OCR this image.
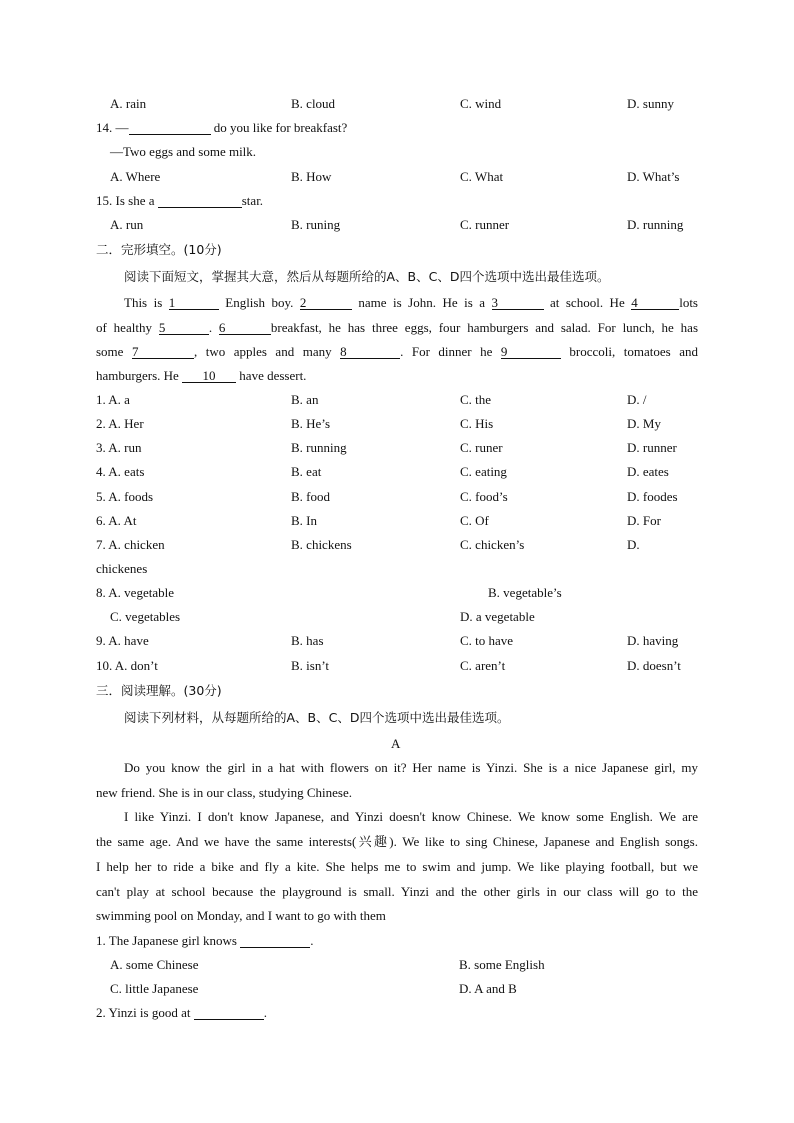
A. rain	B. cloud	C. wind	D. sunny
14. —	do you like for breakfast?
—Two eggs and some milk.
A. Where	B. How	C. What	D. What’s
15. Is she a	star.
A. run	B. runing	C. runner	D. running
二．完形填空。(10分)
阅读下面短文，掌握其大意，然后从每题所给的A、B、C、D四个选项中选出最佳选项。
This is 1	English boy. 2	name is John. He is a 3	at school. He 4	lots
of healthy 5	. 6	breakfast, he has three eggs, four hamburgers and salad. For lunch, he has
some 7	, two apples and many 8	. For dinner he 9	broccoli, tomatoes and
hamburgers. He 10 have dessert.
1. A. a	B. an	C. the	D. /
2. A. Her	B. He’s	C. His	D. My
3. A. run	B. running	C. runer	D. runner
4. A. eats	B. eat	C. eating	D. eates
5. A. foods	B. food	C. food’s	D. foodes
6. A. At	B. In	C. Of	D. For
7. A. chicken	B. chickens	C. chicken’s	D.
chickenes
8. A. vegetable	B. vegetable’s
C. vegetables	D. a vegetable
9. A. have	B. has	C. to have	D. having
10. A. don’t	B. isn’t	C. aren’t	D. doesn’t
三．阅读理解。(30分)
阅读下列材料，从每题所给的A、B、C、D四个选项中选出最佳选项。
A
Do you know the girl in a hat with flowers on it? Her name is Yinzi. She is a nice Japanese girl, my
new friend. She is in our class, studying Chinese.
I like Yinzi. I don't know Japanese, and Yinzi doesn't know Chinese. We know some English. We are
the same age. And we have the same interests(兴趣). We like to sing Chinese, Japanese and English songs.
I help her to ride a bike and fly a kite. She helps me to swim and jump. We like playing football, but we
can't play at school because the playground is small. Yinzi and the other girls in our class will go to the
swimming pool on Monday, and I want to go with them
1. The Japanese girl knows	.
A. some Chinese	B. some English
C. little Japanese	D. A and B
2. Yinzi is good at	.
